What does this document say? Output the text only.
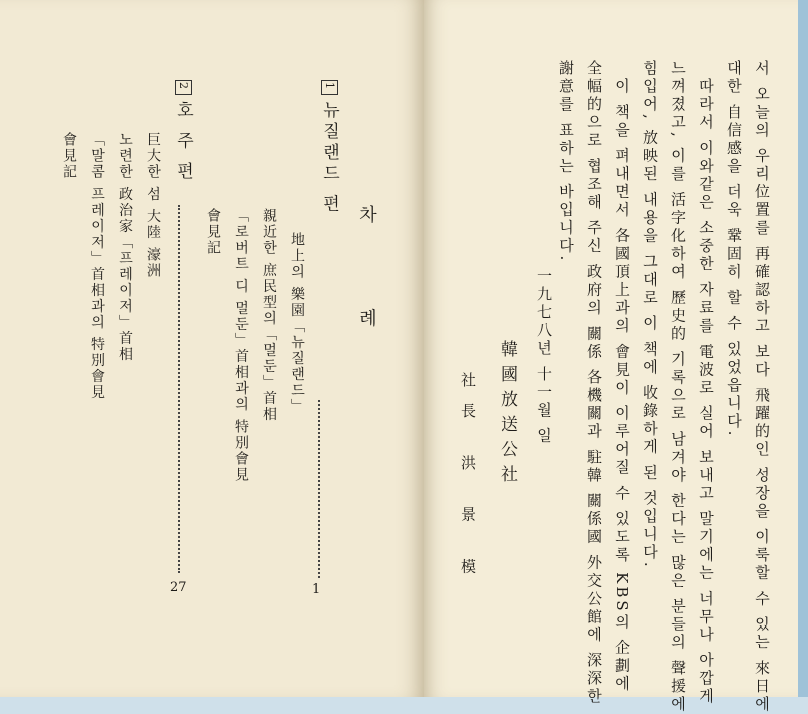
차 례
1뉴질랜드 편
地上의 樂園「뉴질랜드」
親近한 庶民型의「멀둔」首相
「로버트 디 멀둔」首相과의 特別會見
會見記
1
2호 주 편
巨大한 섬 大陸 濠洲
노련한 政治家「프레이저」首相
「말콤 프레이저」首相과의 特別會見
會見記
27	서 오늘의 우리位置를 再確認하고 보다 飛躍的인 성장을 이룩할 수 있는 來日에
대한 自信感을 더욱 鞏固히 할 수 있었읍니다.
따라서 이와같은 소중한 자료를 電波로 실어 보내고 말기에는 너무나 아깝게
느껴졌고, 이를 活字化하여 歷史的 기록으로 남겨야 한다는 많은 분들의 聲援에
힘입어, 放映된 내용을 그대로 이 책에 收錄하게 된 것입니다.
이 책을 펴내면서 各國頂上과의 會見이 이루어질 수 있도록 KBS의 企劃에
全幅的으로 협조해 주신 政府의 關係 各機關과 駐韓 關係國 外交公館에 深深한
謝意를 표하는 바입니다.
一九七八년 十一월 일
韓國放送公社
社長 洪 景 模
